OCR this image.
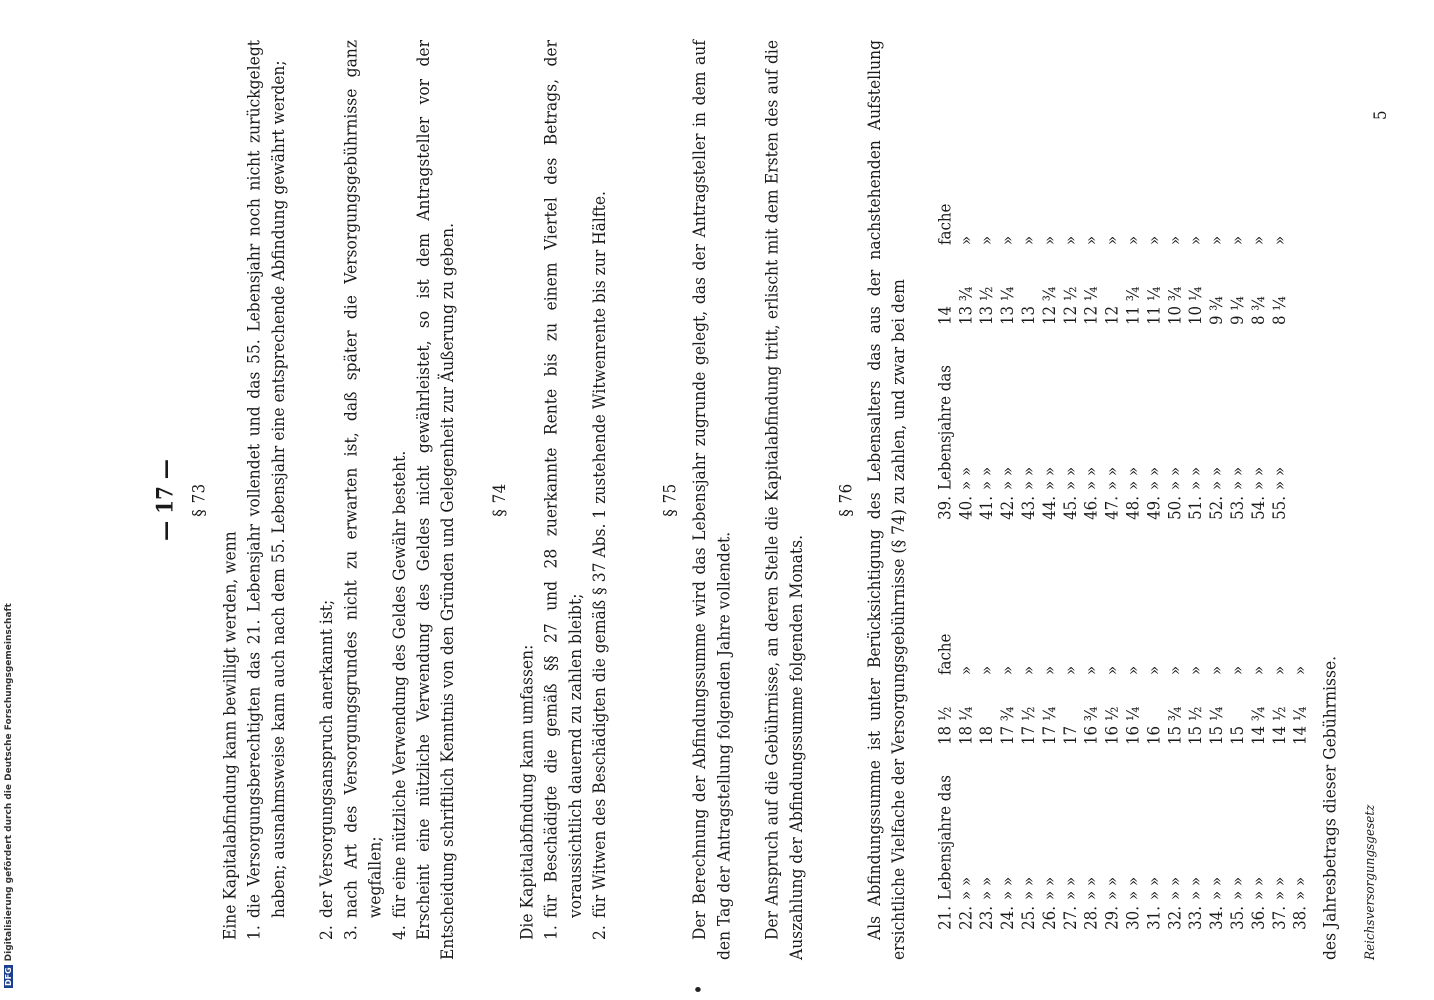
— 17 — § 73
Eine Kapitalabfindung kann bewilligt werden, wenn 1.
die Versorgungsberechtigten das 21. Lebensjahr vollendet und das 55. Lebensjahr noch nicht zurückgelegt haben; ausnahmsweise kann auch nach dem 55. Lebensjahr eine entsprechende Abfindung gewährt werden;
2.
der Versorgungsanspruch anerkannt ist;
3.
nach Art des Versorgungsgrundes nicht zu erwarten ist, daß später die Versorgungsgebührnisse ganz wegfallen;
4.
für eine nützliche Verwendung des Geldes Gewähr besteht. Erscheint eine nützliche Verwendung des Geldes nicht gewährleistet, so ist dem Antragsteller vor der Entscheidung schriftlich Kenntnis von den Gründen und Gelegenheit zur Äußerung zu geben. § 74
Die Kapitalabfindung kann umfassen: 1.
für Beschädigte die gemäß §§ 27 und 28 zuerkannte Rente bis zu einem Viertel des Betrags, der voraussichtlich dauernd zu zahlen bleibt;
2.
für Witwen des Beschädigten die gemäß § 37 Abs. 1 zustehende Witwenrente bis zur Hälfte.	§ 75 Der Berechnung der Abfindungssumme wird das Lebensjahr zugrunde gelegt, das der Antragsteller in dem auf den Tag der Antragstellung folgenden Jahre vollendet. Der Anspruch auf die Gebührnisse, an deren Stelle die Kapitalabfindung tritt, erlischt mit dem Ersten des auf die Auszahlung der Abfindungssumme folgenden Monats.
§ 76 Als Abfindungssumme ist unter Berücksichtigung des Lebensalters das aus der nachstehenden Aufstellung ersichtliche Vielfache der Versorgungsgebührnisse (§ 74) zu zahlen, und zwar bei dem 21.
Lebensjahre das
18 ½
fache
22.
» »
18 ¼
»
23.
» »
18
»
24.
» »
17 ¾
»
25.
» »
17 ½
»
26.
» »
17 ¼
»
27.
» »
17
»
28.
» »
16 ¾
»
29.
» »
16 ½
»
30.
» »
16 ¼
»
31.
» »
16
»
32.
» »
15 ¾
»
33.
» »
15 ½
»
34.
» »
15 ¼
»
35.
» »
15
»
36.
» »
14 ¾
»
37.
» »
14 ½
»
38.
» »
14 ¼
»
39.
Lebensjahre das
14
fache
40.
» »
13 ¾
»
41.
» »
13 ½
»
42.
» »
13 ¼
»
43.
» »
13
»
44.
» »
12 ¾
»
45.
» »
12 ½
»
46.
» »
12 ¼
»
47.
» »
12
»
48.
» »
11 ¾
»
49.
» »
11 ¼
»
50.
» »
10 ¾
»
51.
» »
10 ¼
»
52.
» »
9 ¾
»
53.
» »
9 ¼
»
54.
» »
8 ¾
»
55.
» »
8 ¼
»
des Jahresbetrags dieser Gebührnisse. Reichsversorgungsgesetz
5
DFGDigitalisierung gefördert durch die Deutsche Forschungsgemeinschaft
